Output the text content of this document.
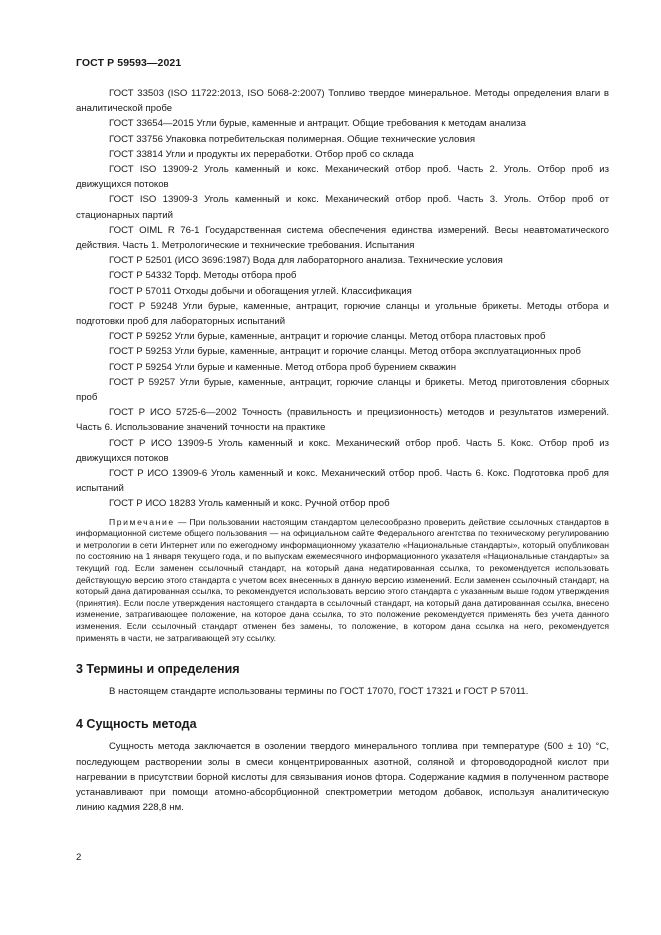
ГОСТ Р 59593—2021

ГОСТ 33503 (ISO 11722:2013, ISO 5068-2:2007) Топливо твердое минеральное. Методы определения влаги в аналитической пробе

ГОСТ 33654—2015 Угли бурые, каменные и антрацит. Общие требования к методам анализа

ГОСТ 33756 Упаковка потребительская полимерная. Общие технические условия

ГОСТ 33814 Угли и продукты их переработки. Отбор проб со склада

ГОСТ ISO 13909-2 Уголь каменный и кокс. Механический отбор проб. Часть 2. Уголь. Отбор проб из движущихся потоков

ГОСТ ISO 13909-3 Уголь каменный и кокс. Механический отбор проб. Часть 3. Уголь. Отбор проб от стационарных партий

ГОСТ OIML R 76-1 Государственная система обеспечения единства измерений. Весы неавтоматического действия. Часть 1. Метрологические и технические требования. Испытания

ГОСТ Р 52501 (ИСО 3696:1987) Вода для лабораторного анализа. Технические условия

ГОСТ Р 54332 Торф. Методы отбора проб

ГОСТ Р 57011 Отходы добычи и обогащения углей. Классификация

ГОСТ Р 59248 Угли бурые, каменные, антрацит, горючие сланцы и угольные брикеты. Методы отбора и подготовки проб для лабораторных испытаний

ГОСТ Р 59252 Угли бурые, каменные, антрацит и горючие сланцы. Метод отбора пластовых проб

ГОСТ Р 59253 Угли бурые, каменные, антрацит и горючие сланцы. Метод отбора эксплуатационных проб

ГОСТ Р 59254 Угли бурые и каменные. Метод отбора проб бурением скважин

ГОСТ Р 59257 Угли бурые, каменные, антрацит, горючие сланцы и брикеты. Метод приготовления сборных проб

ГОСТ Р ИСО 5725-6—2002 Точность (правильность и прецизионность) методов и результатов измерений. Часть 6. Использование значений точности на практике

ГОСТ Р ИСО 13909-5 Уголь каменный и кокс. Механический отбор проб. Часть 5. Кокс. Отбор проб из движущихся потоков

ГОСТ Р ИСО 13909-6 Уголь каменный и кокс. Механический отбор проб. Часть 6. Кокс. Подготовка проб для испытаний

ГОСТ Р ИСО 18283 Уголь каменный и кокс. Ручной отбор проб

Примечание — При пользовании настоящим стандартом целесообразно проверить действие ссылочных стандартов в информационной системе общего пользования — на официальном сайте Федерального агентства по техническому регулированию и метрологии в сети Интернет или по ежегодному информационному указателю «Национальные стандарты», который опубликован по состоянию на 1 января текущего года, и по выпускам ежемесячного информационного указателя «Национальные стандарты» за текущий год. Если заменен ссылочный стандарт, на который дана недатированная ссылка, то рекомендуется использовать действующую версию этого стандарта с учетом всех внесенных в данную версию изменений. Если заменен ссылочный стандарт, на который дана датированная ссылка, то рекомендуется использовать версию этого стандарта с указанным выше годом утверждения (принятия). Если после утверждения настоящего стандарта в ссылочный стандарт, на который дана датированная ссылка, внесено изменение, затрагивающее положение, на которое дана ссылка, то это положение рекомендуется применять без учета данного изменения. Если ссылочный стандарт отменен без замены, то положение, в котором дана ссылка на него, рекомендуется применять в части, не затрагивающей эту ссылку.

3 Термины и определения

В настоящем стандарте использованы термины по ГОСТ 17070, ГОСТ 17321 и ГОСТ Р 57011.

4 Сущность метода

Сущность метода заключается в озолении твердого минерального топлива при температуре (500 ± 10) °С, последующем растворении золы в смеси концентрированных азотной, соляной и фтороводородной кислот при нагревании в присутствии борной кислоты для связывания ионов фтора. Содержание кадмия в полученном растворе устанавливают при помощи атомно-абсорбционной спектрометрии методом добавок, используя аналитическую линию кадмия 228,8 нм.

2
